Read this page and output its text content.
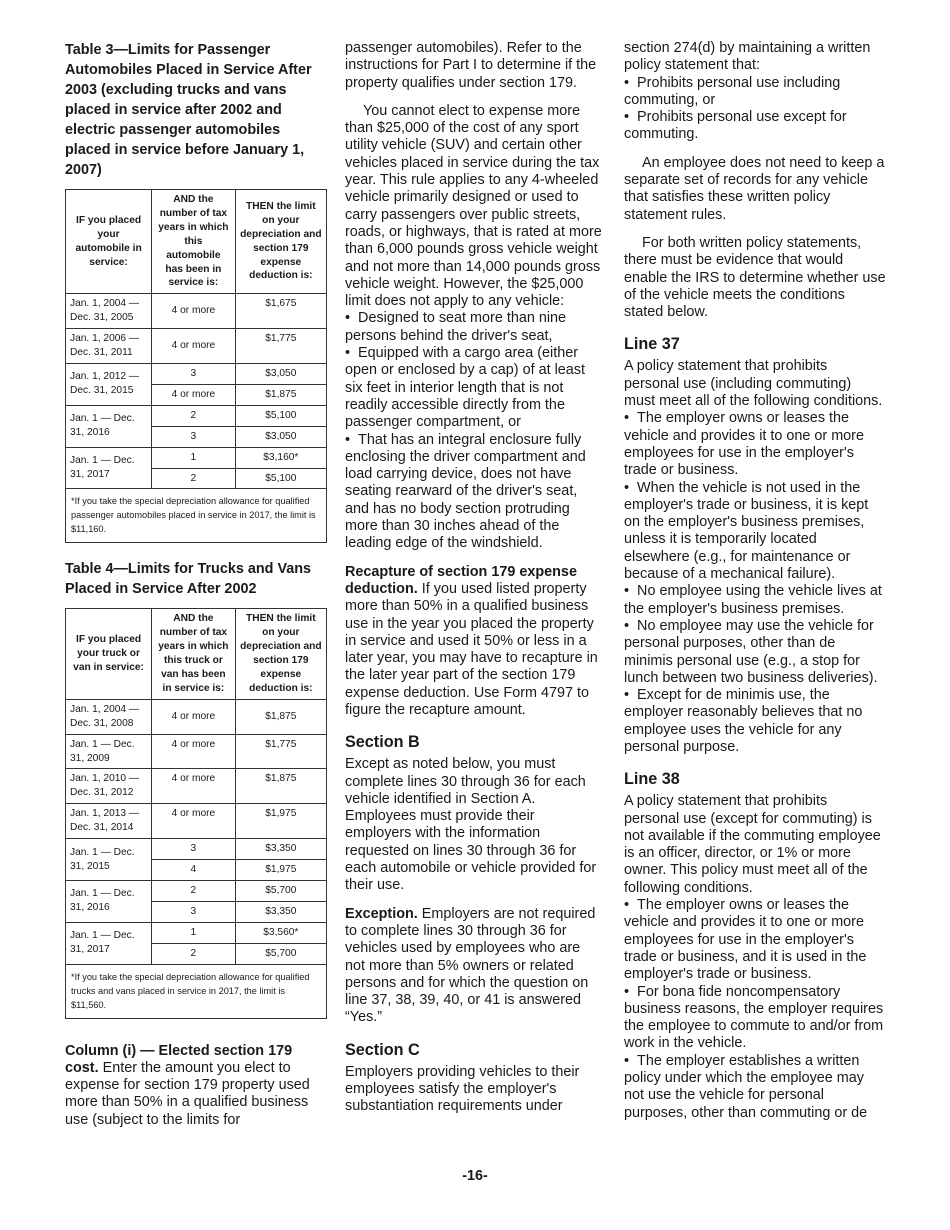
Table 3—Limits for Passenger Automobiles Placed in Service After 2003 (excluding trucks and vans placed in service after 2002 and electric passenger automobiles placed in service before January 1, 2007)
IF you placed your automobile in service:	AND the number of tax years in which this automobile has been in service is:	THEN the limit on your depreciation and section 179 expense deduction is:
Jan. 1, 2004 — Dec. 31, 2005	4 or more	$1,675
Jan. 1, 2006 — Dec. 31, 2011	4 or more	$1,775
Jan. 1, 2012 — Dec. 31, 2015	3	$3,050
	4 or more	$1,875
Jan. 1 — Dec. 31, 2016	2	$5,100
	3	$3,050
Jan. 1 — Dec. 31, 2017	1	$3,160*
	2	$5,100
*If you take the special depreciation allowance for qualified passenger automobiles placed in service in 2017, the limit is $11,160.		
Table 4—Limits for Trucks and Vans Placed in Service After 2002
IF you placed your truck or van in service:	AND the number of tax years in which this truck or van has been in service is:	THEN the limit on your depreciation and section 179 expense deduction is:
Jan. 1, 2004 — Dec. 31, 2008	4 or more	$1,875
Jan. 1 — Dec. 31, 2009	4 or more	$1,775
Jan. 1, 2010 — Dec. 31, 2012	4 or more	$1,875
Jan. 1, 2013 — Dec. 31, 2014	4 or more	$1,975
Jan. 1 — Dec. 31, 2015	3	$3,350
	4	$1,975
Jan. 1 — Dec. 31, 2016	2	$5,700
	3	$3,350
Jan. 1 — Dec. 31, 2017	1	$3,560*
	2	$5,700
*If you take the special depreciation allowance for qualified trucks and vans placed in service in 2017, the limit is $11,560.		

Column (i) — Elected section 179 cost. Enter the amount you elect to expense for section 179 property used more than 50% in a qualified business use (subject to the limits for

passenger automobiles). Refer to the instructions for Part I to determine if the property qualifies under section 179.

You cannot elect to expense more than $25,000 of the cost of any sport utility vehicle (SUV) and certain other vehicles placed in service during the tax year. This rule applies to any 4-wheeled vehicle primarily designed or used to carry passengers over public streets, roads, or highways, that is rated at more than 6,000 pounds gross vehicle weight and not more than 14,000 pounds gross vehicle weight. However, the $25,000 limit does not apply to any vehicle:

•  Designed to seat more than nine persons behind the driver's seat,

•  Equipped with a cargo area (either open or enclosed by a cap) of at least six feet in interior length that is not readily accessible directly from the passenger compartment, or

•  That has an integral enclosure fully enclosing the driver compartment and load carrying device, does not have seating rearward of the driver's seat, and has no body section protruding more than 30 inches ahead of the leading edge of the windshield.

Recapture of section 179 expense deduction. If you used listed property more than 50% in a qualified business use in the year you placed the property in service and used it 50% or less in a later year, you may have to recapture in the later year part of the section 179 expense deduction. Use Form 4797 to figure the recapture amount.

Section B

Except as noted below, you must complete lines 30 through 36 for each vehicle identified in Section A. Employees must provide their employers with the information requested on lines 30 through 36 for each automobile or vehicle provided for their use.

Exception. Employers are not required to complete lines 30 through 36 for vehicles used by employees who are not more than 5% owners or related persons and for which the question on line 37, 38, 39, 40, or 41 is answered “Yes.”

Section C

Employers providing vehicles to their employees satisfy the employer's substantiation requirements under

section 274(d) by maintaining a written policy statement that:

•  Prohibits personal use including commuting, or

•  Prohibits personal use except for commuting.

An employee does not need to keep a separate set of records for any vehicle that satisfies these written policy statement rules.

For both written policy statements, there must be evidence that would enable the IRS to determine whether use of the vehicle meets the conditions stated below.

Line 37

A policy statement that prohibits personal use (including commuting) must meet all of the following conditions.

•  The employer owns or leases the vehicle and provides it to one or more employees for use in the employer's trade or business.

•  When the vehicle is not used in the employer's trade or business, it is kept on the employer's business premises, unless it is temporarily located elsewhere (e.g., for maintenance or because of a mechanical failure).

•  No employee using the vehicle lives at the employer's business premises.

•  No employee may use the vehicle for personal purposes, other than de minimis personal use (e.g., a stop for lunch between two business deliveries).

•  Except for de minimis use, the employer reasonably believes that no employee uses the vehicle for any personal purpose.

Line 38

A policy statement that prohibits personal use (except for commuting) is not available if the commuting employee is an officer, director, or 1% or more owner. This policy must meet all of the following conditions.

•  The employer owns or leases the vehicle and provides it to one or more employees for use in the employer's trade or business, and it is used in the employer's trade or business.

•  For bona fide noncompensatory business reasons, the employer requires the employee to commute to and/or from work in the vehicle.

•  The employer establishes a written policy under which the employee may not use the vehicle for personal purposes, other than commuting or de

-16-
